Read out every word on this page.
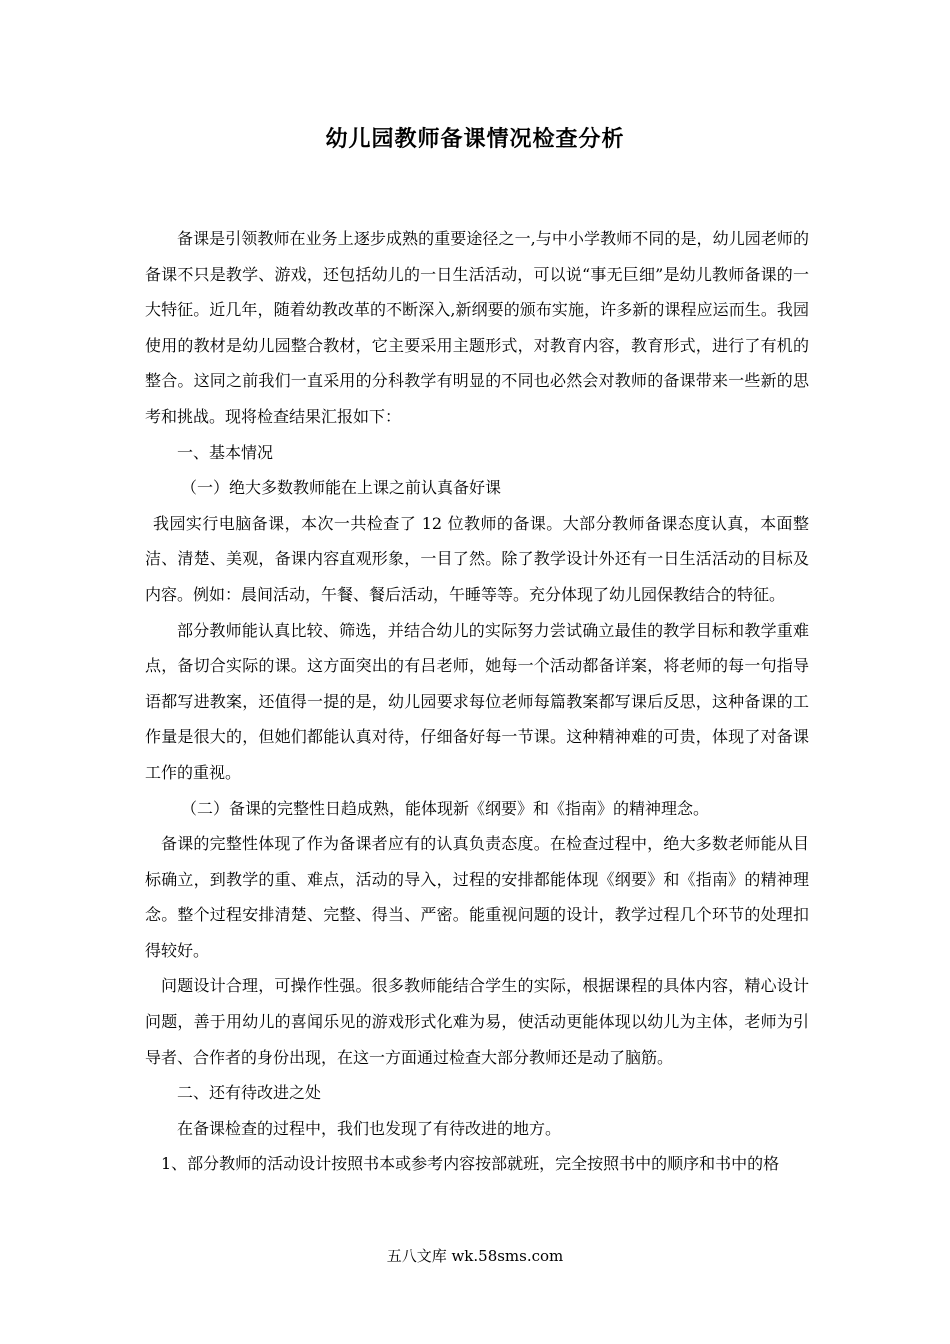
幼儿园教师备课情况检查分析

备课是引领教师在业务上逐步成熟的重要途径之一,与中小学教师不同的是，幼儿园老师的备课不只是教学、游戏，还包括幼儿的一日生活活动，可以说“事无巨细”是幼儿教师备课的一大特征。近几年，随着幼教改革的不断深入,新纲要的颁布实施，许多新的课程应运而生。我园使用的教材是幼儿园整合教材，它主要采用主题形式，对教育内容，教育形式，进行了有机的整合。这同之前我们一直采用的分科教学有明显的不同也必然会对教师的备课带来一些新的思考和挑战。现将检查结果汇报如下：

一、基本情况

（一）绝大多数教师能在上课之前认真备好课

我园实行电脑备课，本次一共检查了 12 位教师的备课。大部分教师备课态度认真，本面整洁、清楚、美观，备课内容直观形象，一目了然。除了教学设计外还有一日生活活动的目标及内容。例如：晨间活动，午餐、餐后活动，午睡等等。充分体现了幼儿园保教结合的特征。

部分教师能认真比较、筛选，并结合幼儿的实际努力尝试确立最佳的教学目标和教学重难点，备切合实际的课。这方面突出的有吕老师，她每一个活动都备详案，将老师的每一句指导语都写进教案，还值得一提的是，幼儿园要求每位老师每篇教案都写课后反思，这种备课的工作量是很大的，但她们都能认真对待，仔细备好每一节课。这种精神难的可贵，体现了对备课工作的重视。

（二）备课的完整性日趋成熟，能体现新《纲要》和《指南》的精神理念。

备课的完整性体现了作为备课者应有的认真负责态度。在检查过程中，绝大多数老师能从目标确立，到教学的重、难点，活动的导入，过程的安排都能体现《纲要》和《指南》的精神理念。整个过程安排清楚、完整、得当、严密。能重视问题的设计，教学过程几个环节的处理扣得较好。

问题设计合理，可操作性强。很多教师能结合学生的实际，根据课程的具体内容，精心设计问题，善于用幼儿的喜闻乐见的游戏形式化难为易，使活动更能体现以幼儿为主体，老师为引导者、合作者的身份出现，在这一方面通过检查大部分教师还是动了脑筋。

二、还有待改进之处

在备课检查的过程中，我们也发现了有待改进的地方。

1、部分教师的活动设计按照书本或参考内容按部就班，完全按照书中的顺序和书中的格

五八文库 wk.58sms.com
